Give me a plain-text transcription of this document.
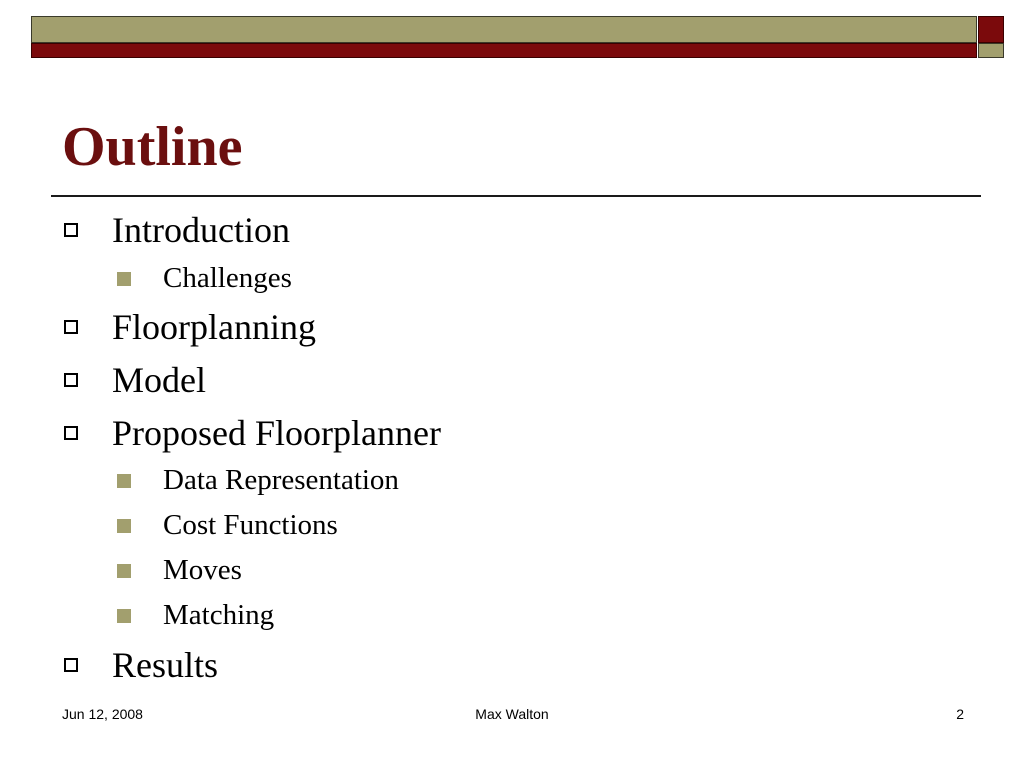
Outline
Introduction
Challenges
Floorplanning
Model
Proposed Floorplanner
Data Representation
Cost Functions
Moves
Matching
Results
Jun 12, 2008	Max Walton	2
